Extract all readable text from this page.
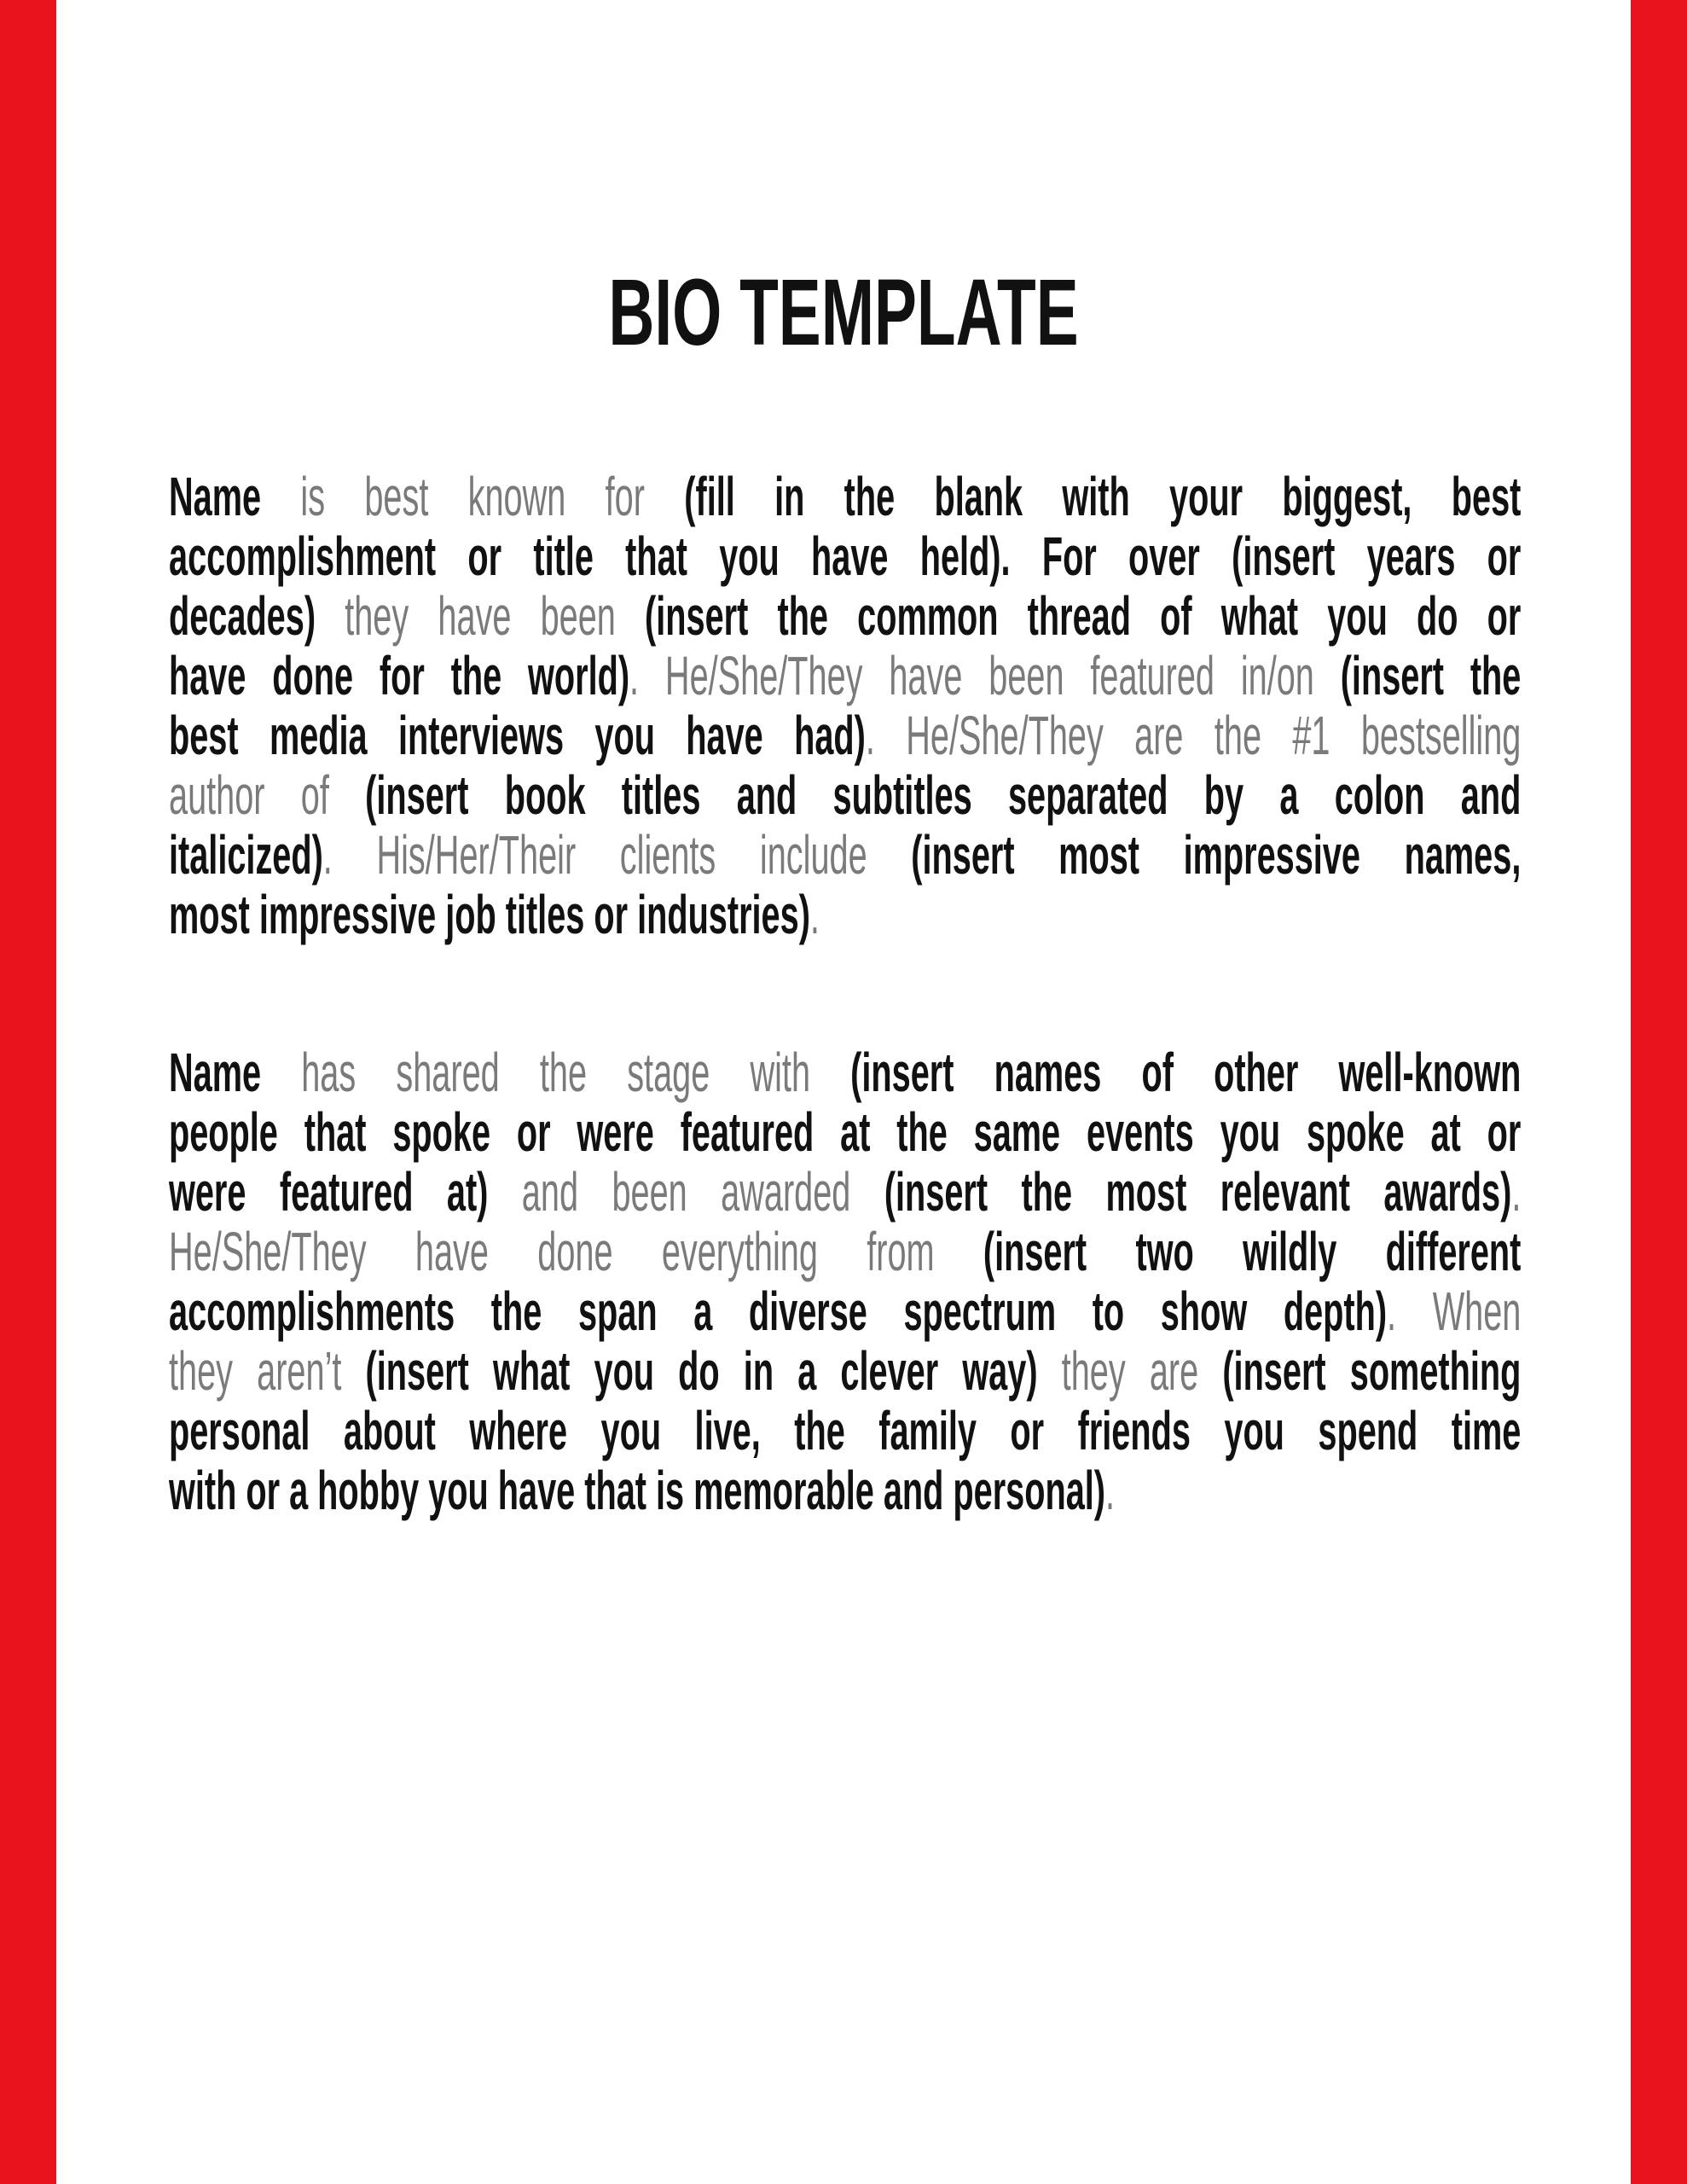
BIO TEMPLATE
Name is best known for (fill in the blank with your biggest, best
accomplishment or title that you have held). For over (insert years or
decades) they have been (insert the common thread of what you do or
have done for the world). He/She/They have been featured in/on (insert the
best media interviews you have had). He/She/They are the #1 bestselling
author of (insert book titles and subtitles separated by a colon and
italicized). His/Her/Their clients include (insert most impressive names,
most impressive job titles or industries).
Name has shared the stage with (insert names of other well-known
people that spoke or were featured at the same events you spoke at or
were featured at) and been awarded (insert the most relevant awards).
He/She/They have done everything from (insert two wildly different
accomplishments the span a diverse spectrum to show depth). When
they aren’t (insert what you do in a clever way) they are (insert something
personal about where you live, the family or friends you spend time
with or a hobby you have that is memorable and personal).
